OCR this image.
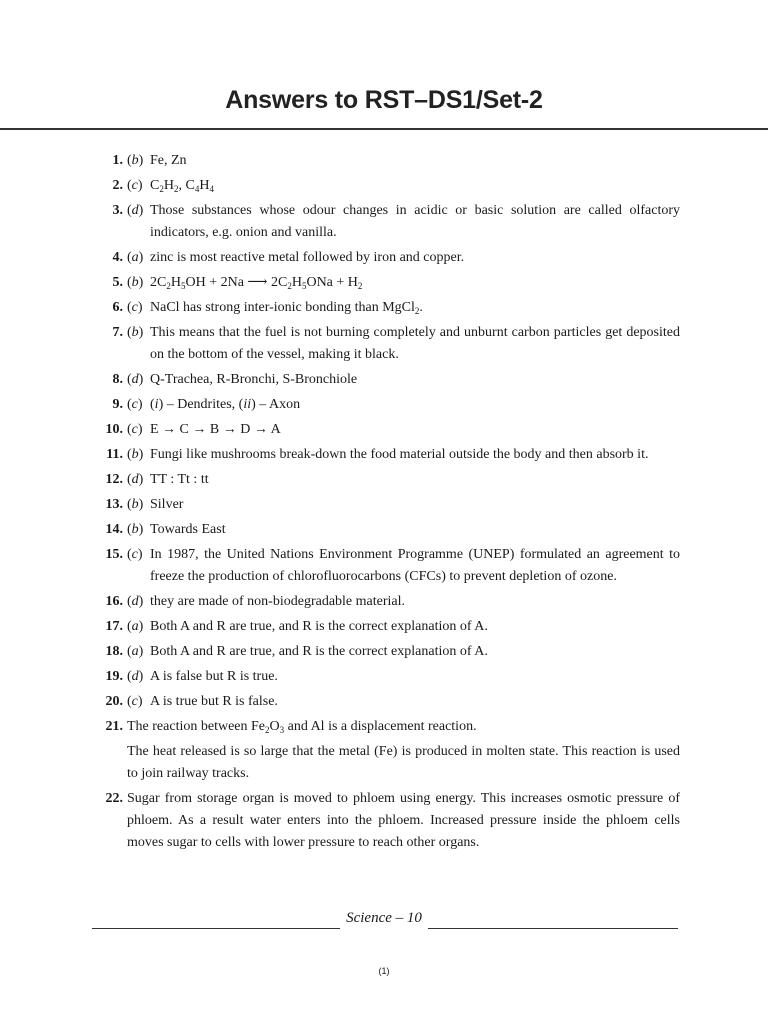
Answers to RST–DS1/Set-2
1. (b) Fe, Zn

2. (c) $C_2H_2$, $C_4H_4$

3. (d) Those substances whose odour changes in acidic or basic solution are called olfactory indicators, e.g. onion and vanilla.

4. (a) zinc is most reactive metal followed by iron and copper.

5. (b) $2C_2H_5OH + 2Na$ ⟶ $2C_2H_5ONa + H_2$

6. (c) NaCl has strong inter-ionic bonding than MgCl$_2$.

7. (b) This means that the fuel is not burning completely and unburnt carbon particles get deposited on the bottom of the vessel, making it black.

8. (d) Q-Trachea, R-Bronchi, S-Bronchiole

9. (c) (i) – Dendrites, (ii) – Axon

10. (c) E → C → B → D → A

11. (b) Fungi like mushrooms break-down the food material outside the body and then absorb it.

12. (d) TT : Tt : tt

13. (b) Silver

14. (b) Towards East

15. (c) In 1987, the United Nations Environment Programme (UNEP) formulated an agreement to freeze the production of chlorofluorocarbons (CFCs) to prevent depletion of ozone.

16. (d) they are made of non-biodegradable material.

17. (a) Both A and R are true, and R is the correct explanation of A.

18. (a) Both A and R are true, and R is the correct explanation of A.

19. (d) A is false but R is true.

20. (c) A is true but R is false.

21. The reaction between $Fe_2O_3$ and Al is a displacement reaction.

The heat released is so large that the metal (Fe) is produced in molten state. This reaction is used to join railway tracks.

22. Sugar from storage organ is moved to phloem using energy. This increases osmotic pressure of phloem. As a result water enters into the phloem. Increased pressure inside the phloem cells moves sugar to cells with lower pressure to reach other organs.

Science – 10
(1)
